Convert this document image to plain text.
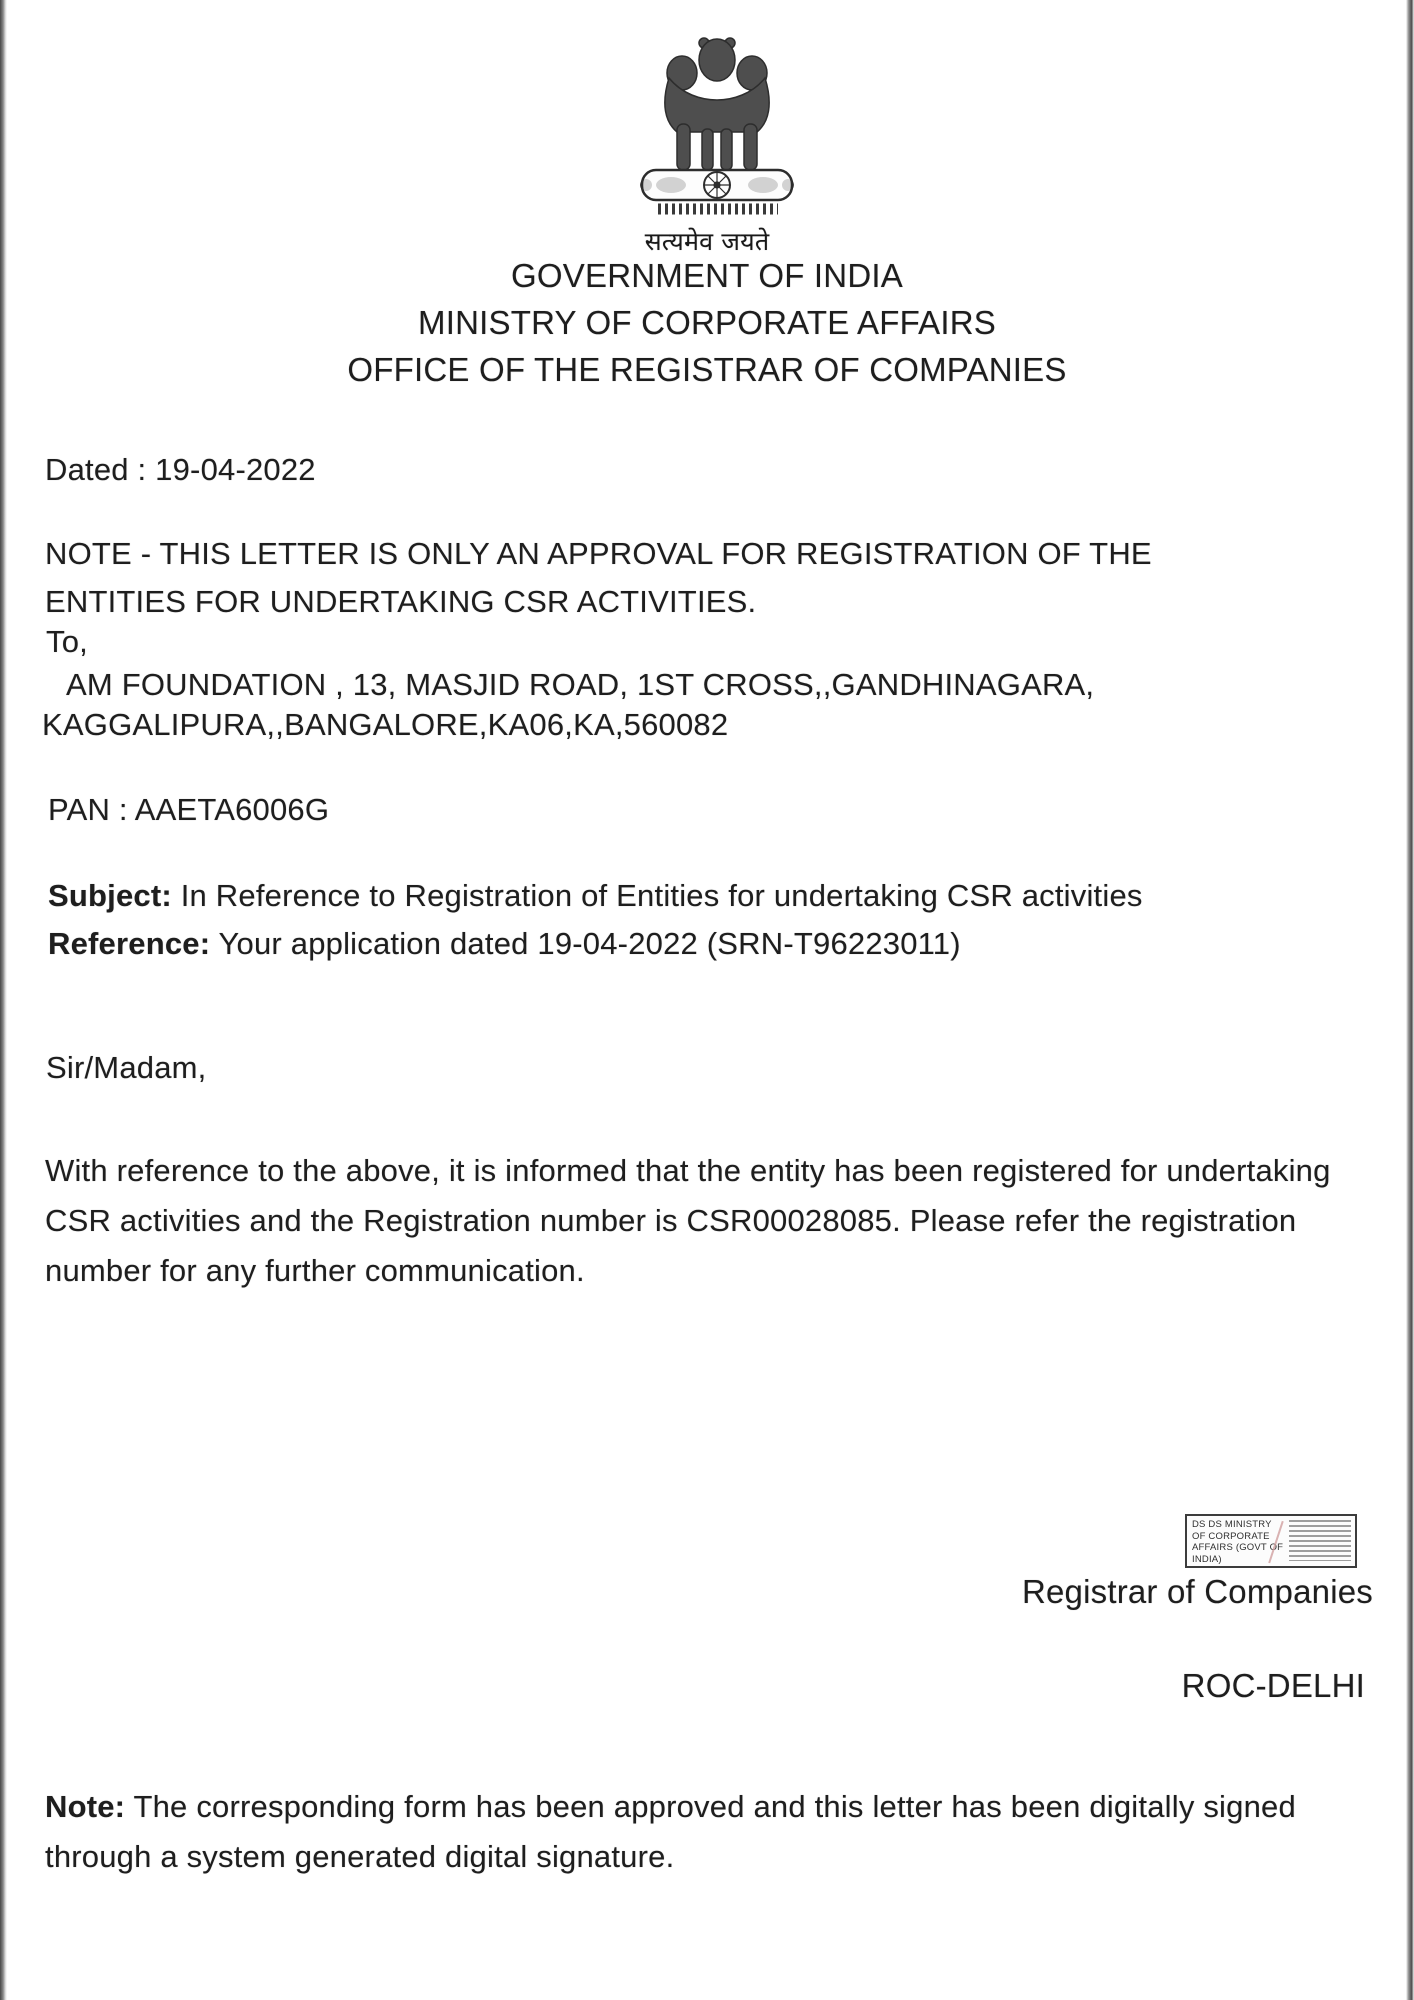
सत्यमेव जयते
GOVERNMENT OF INDIA
MINISTRY OF CORPORATE AFFAIRS
OFFICE OF THE REGISTRAR OF COMPANIES
Dated : 19-04-2022
NOTE - THIS LETTER IS ONLY AN APPROVAL FOR REGISTRATION OF THE
ENTITIES FOR UNDERTAKING CSR ACTIVITIES.
To,
AM FOUNDATION , 13, MASJID ROAD, 1ST CROSS,,GANDHINAGARA,
KAGGALIPURA,,BANGALORE,KA06,KA,560082
PAN : AAETA6006G
Subject: In Reference to Registration of Entities for undertaking CSR activities
Reference: Your application dated 19-04-2022 (SRN-T96223011)
Sir/Madam,
With reference to the above, it is informed that the entity has been registered for undertaking
CSR activities and the Registration number is CSR00028085. Please refer the registration
number for any further communication.
DS DS MINISTRY
OF CORPORATE
AFFAIRS (GOVT OF
INDIA)
Registrar of Companies
ROC-DELHI
Note: The corresponding form has been approved and this letter has been digitally signed
through a system generated digital signature.
